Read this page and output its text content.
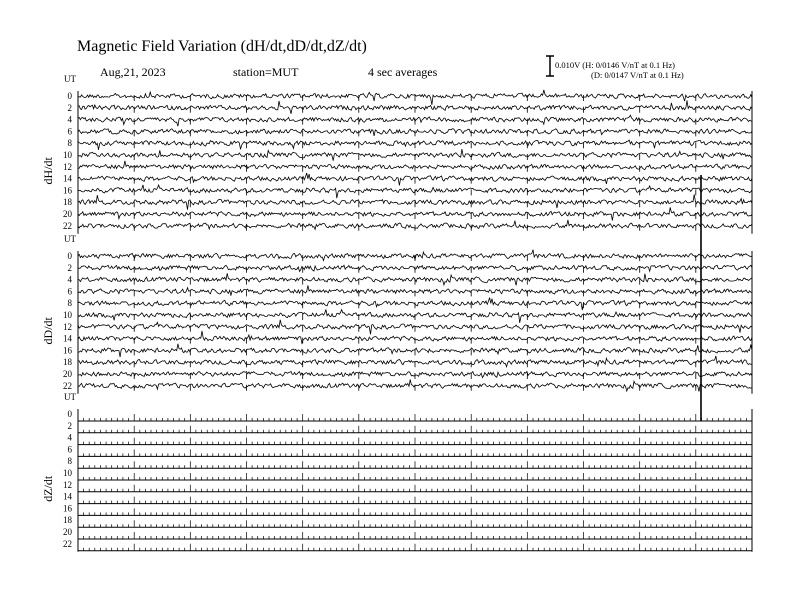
UT
dH/dt
0
2
4
6
8
10
12
14
16
18
20
22
UT
dD/dt
0
2
4
6
8
10
12
14
16
18
20
22
UT
dZ/dt
0
2
4
6
8
10
12
14
16
18
20
22
Magnetic Field Variation (dH/dt,dD/dt,dZ/dt)
Aug,21, 2023	station=MUT	4 sec averages	0.010V (H: 0/0146 V/nT at 0.1 Hz)
(D: 0/0147 V/nT at 0.1 Hz)
